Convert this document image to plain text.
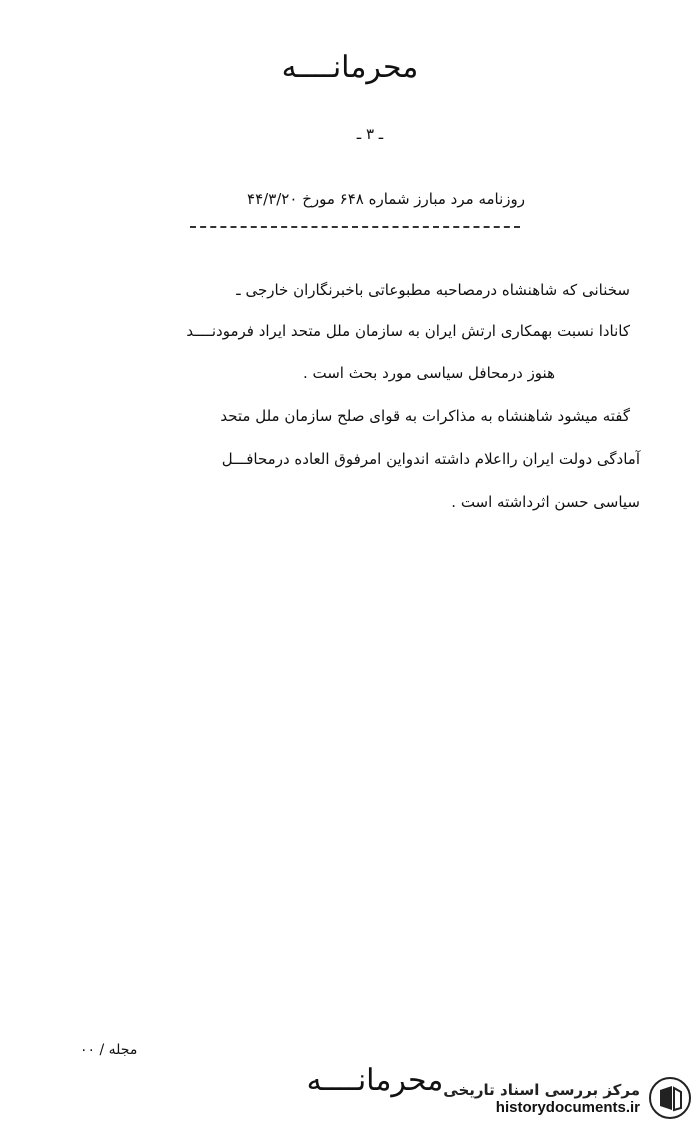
محرمانــــه
ـ ۳ ـ
روزنامه مرد مبارز شماره ۶۴۸ مورخ ۴۴/۳/۲۰
سخنانی که شاهنشاه درمصاحبه مطبوعاتی باخبرنگاران خارجی ـ
کانادا نسبت بهمکاری ارتش ایران به سازمان ملل متحد ایراد فرمودنــــد
هنوز درمحافل سیاسی مورد بحث است .
گفته میشود شاهنشاه به مذاکرات به قوای صلح سازمان ملل متحد
آمادگی دولت ایران رااعلام داشته اندواین امرفوق العاده درمحافـــل
سیاسی حسن اثرداشته است .
مجله / ۰۰
محرمانــــه مرکز بررسی اسناد تاریخی
historydocuments.ir
